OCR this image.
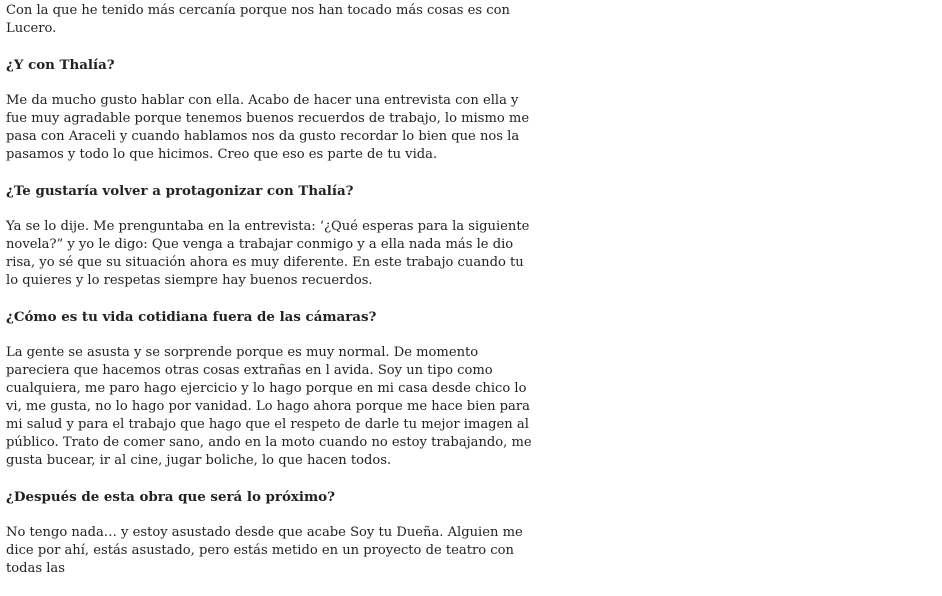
Con la que he tenido más cercanía porque nos han tocado más cosas es con Lucero.

¿Y con Thalía?

Me da mucho gusto hablar con ella. Acabo de hacer una entrevista con ella y fue muy agradable porque tenemos buenos recuerdos de trabajo, lo mismo me pasa con Araceli y cuando hablamos nos da gusto recordar lo bien que nos la pasamos y todo lo que hicimos. Creo que eso es parte de tu vida.

¿Te gustaría volver a protagonizar con Thalía?

Ya se lo dije. Me prenguntaba en la entrevista: ‘¿Qué esperas para la siguiente novela?” y yo le digo: Que venga a trabajar conmigo y a ella nada más le dio risa, yo sé que su situación ahora es muy diferente. En este trabajo cuando tu lo quieres y lo respetas siempre hay buenos recuerdos.

¿Cómo es tu vida cotidiana fuera de las cámaras?

La gente se asusta y se sorprende porque es muy normal. De momento pareciera que hacemos otras cosas extrañas en l avida. Soy un tipo como cualquiera, me paro hago ejercicio y lo hago porque en mi casa desde chico lo vi, me gusta, no lo hago por vanidad. Lo hago ahora porque me hace bien para mi salud y para el trabajo que hago que el respeto de darle tu mejor imagen al público. Trato de comer sano, ando en la moto cuando no estoy trabajando, me gusta bucear, ir al cine, jugar boliche, lo que hacen todos.

¿Después de esta obra que será lo próximo?

No tengo nada… y estoy asustado desde que acabe Soy tu Dueña. Alguien me dice por ahí, estás asustado, pero estás metido en un proyecto de teatro con todas las
